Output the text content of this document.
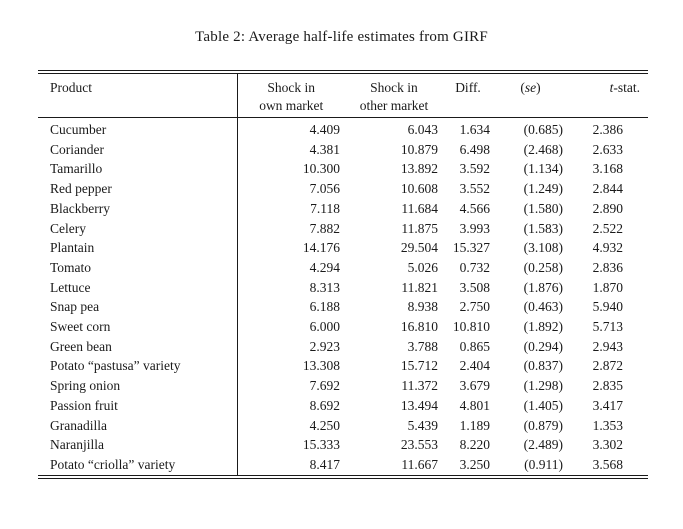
Table 2: Average half-life estimates from GIRF
Product	Shock in	Shock in	Diff.	(se)	t-stat.
	own market	other market			
Cucumber	4.409	6.043	1.634	(0.685)	2.386
Coriander	4.381	10.879	6.498	(2.468)	2.633
Tamarillo	10.300	13.892	3.592	(1.134)	3.168
Red pepper	7.056	10.608	3.552	(1.249)	2.844
Blackberry	7.118	11.684	4.566	(1.580)	2.890
Celery	7.882	11.875	3.993	(1.583)	2.522
Plantain	14.176	29.504	15.327	(3.108)	4.932
Tomato	4.294	5.026	0.732	(0.258)	2.836
Lettuce	8.313	11.821	3.508	(1.876)	1.870
Snap pea	6.188	8.938	2.750	(0.463)	5.940
Sweet corn	6.000	16.810	10.810	(1.892)	5.713
Green bean	2.923	3.788	0.865	(0.294)	2.943
Potato “pastusa” variety	13.308	15.712	2.404	(0.837)	2.872
Spring onion	7.692	11.372	3.679	(1.298)	2.835
Passion fruit	8.692	13.494	4.801	(1.405)	3.417
Granadilla	4.250	5.439	1.189	(0.879)	1.353
Naranjilla	15.333	23.553	8.220	(2.489)	3.302
Potato “criolla” variety	8.417	11.667	3.250	(0.911)	3.568
